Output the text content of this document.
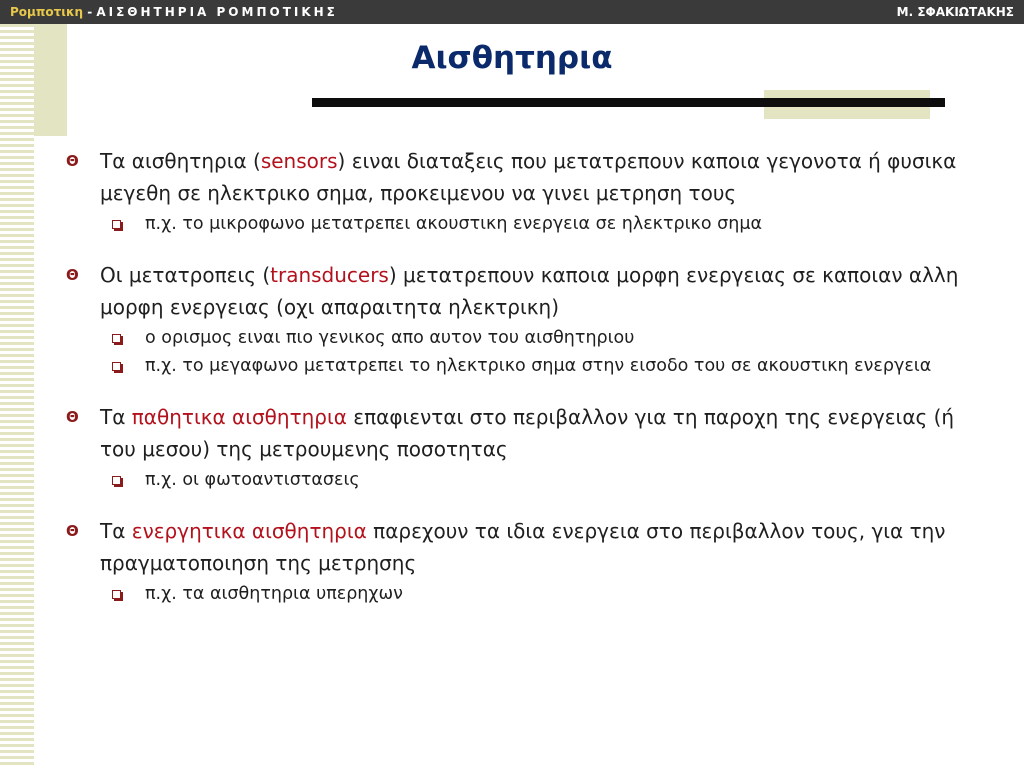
Ρομποτικη - ΑΙΣΘΗΤΗΡΙΑ ΡΟΜΠΟΤΙΚΗΣ	Μ. ΣΦΑΚΙΩΤΑΚΗΣ
Αισθητηρια
Θ	Τα αισθητηρια (sensors) ειναι διαταξεις που μετατρεπουν καποια γεγονοτα ή φυσικα μεγεθη σε ηλεκτρικο σημα, προκειμενου να γινει μετρηση τους
π.χ. το μικροφωνο μετατρεπει ακουστικη ενεργεια σε ηλεκτρικο σημα
Θ	Οι μετατροπεις (transducers) μετατρεπουν καποια μορφη ενεργειας σε καποιαν αλλη μορφη ενεργειας (οχι απαραιτητα ηλεκτρικη)
ο ορισμος ειναι πιο γενικος απο αυτον του αισθητηριου
π.χ. το μεγαφωνο μετατρεπει το ηλεκτρικο σημα στην εισοδο του σε ακουστικη ενεργεια
Θ	Τα παθητικα αισθητηρια επαφιενται στο περιβαλλον για τη παροχη της ενεργειας (ή του μεσου) της μετρουμενης ποσοτητας
π.χ. οι φωτοαντιστασεις
Θ	Τα ενεργητικα αισθητηρια παρεχουν τα ιδια ενεργεια στο περιβαλλον τους, για την πραγματοποιηση της μετρησης
π.χ. τα αισθητηρια υπερηχων
